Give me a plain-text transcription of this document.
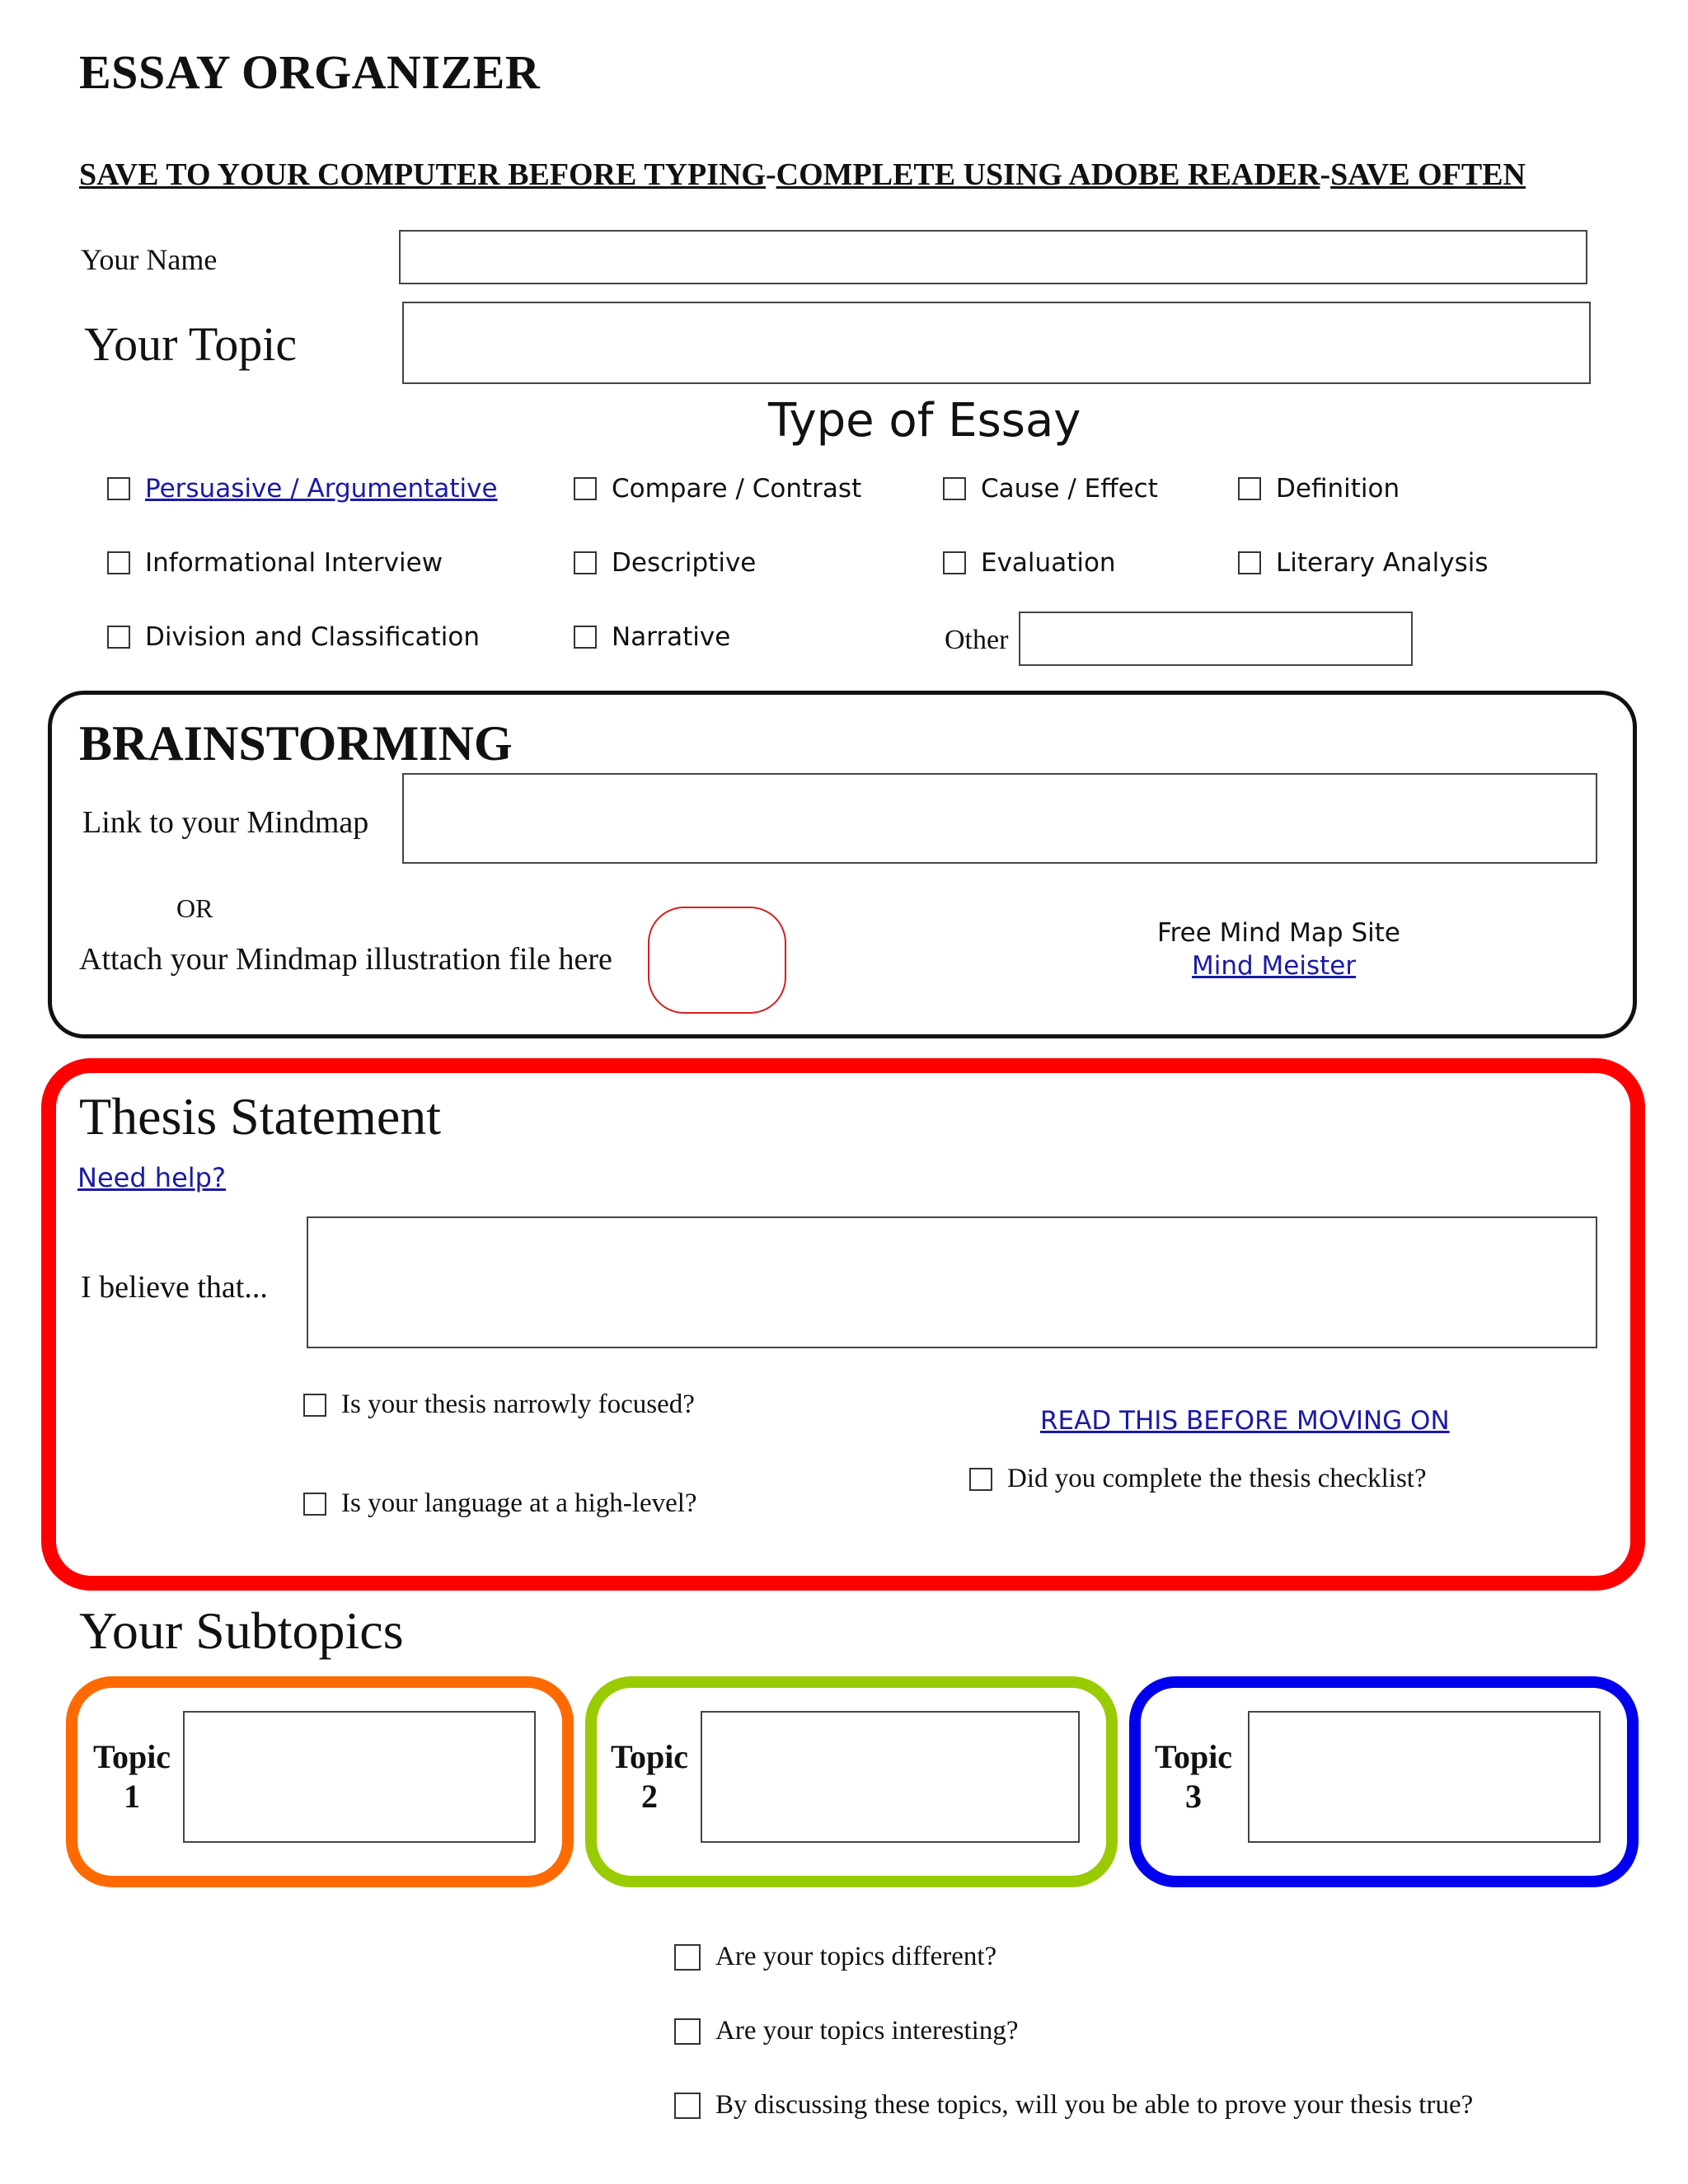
ESSAY ORGANIZER
SAVE TO YOUR COMPUTER BEFORE TYPING-COMPLETE USING ADOBE READER-SAVE OFTEN
Your Name
Your Topic
Type of Essay
Persuasive / Argumentative	Compare / Contrast	Cause / Effect	Definition
Informational Interview	Descriptive	Evaluation	Literary Analysis
Division and Classification	Narrative	Other
BRAINSTORMING
Link to your Mindmap
OR
Attach your Mindmap illustration file here
Free Mind Map Site
Mind Meister
Thesis Statement
Need help?
I believe that...
Is your thesis narrowly focused?
Is your language at a high-level?
READ THIS BEFORE MOVING ON
Did you complete the thesis checklist?
Your Subtopics
Topic
1
Topic
2
Topic
3
Are your topics different?
Are your topics interesting?
By discussing these topics, will you be able to prove your thesis true?
